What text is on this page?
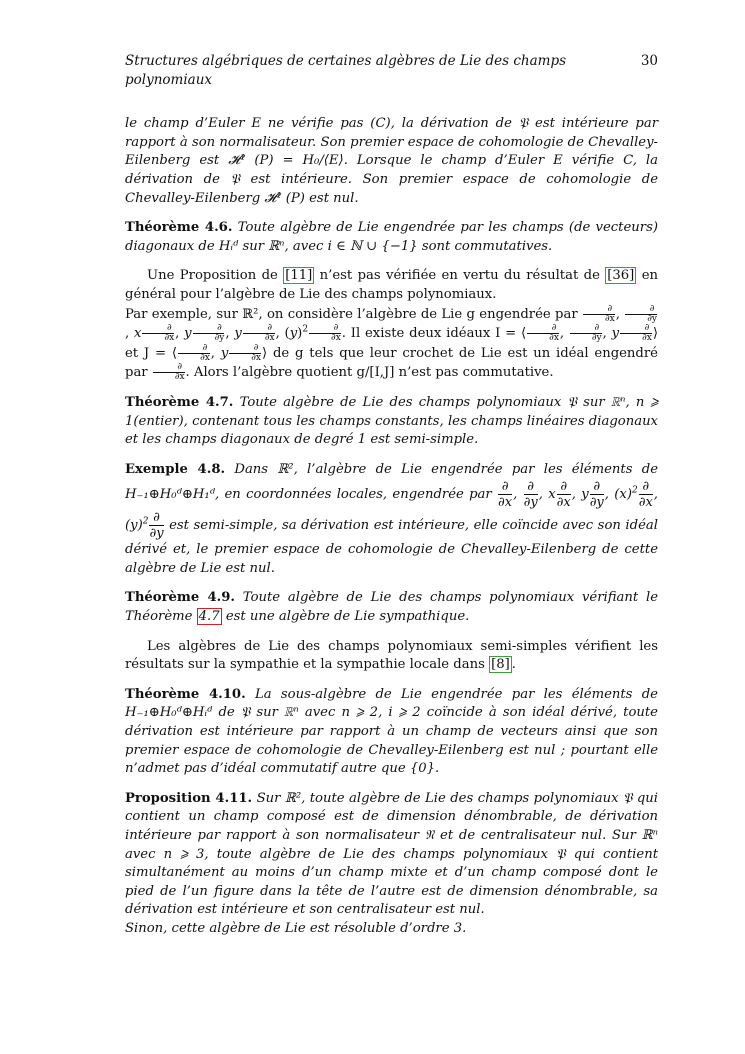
Structures algébriques de certaines algèbres de Lie des champs polynomiaux
30

le champ d’Euler E ne vérifie pas (C), la dérivation de 𝔓 est intérieure par rapport à son normalisateur. Son premier espace de cohomologie de Chevalley-Eilenberg est 𝓗¹ (P) = H₀/⟨E⟩. Lorsque le champ d’Euler E vérifie C, la dérivation de 𝔓 est intérieure. Son premier espace de cohomologie de Chevalley-Eilenberg 𝓗¹ (P) est nul.

Théorème 4.6. Toute algèbre de Lie engendrée par les champs (de vecteurs) diagonaux de Hᵢᵈ sur ℝⁿ, avec i ∈ ℕ ∪ {−1} sont commutatives.

Une Proposition de [11] n’est pas vérifiée en vertu du résultat de [36] en général pour l’algèbre de Lie des champs polynomiaux.
Par exemple, sur ℝ², on considère l’algèbre de Lie g engendrée par $\frac{\partial}{\partial x}$ , $\frac{\partial}{\partial y}$
, x $\frac{\partial}{\partial x}$ , y $\frac{\partial}{\partial y}$ , y $\frac{\partial}{\partial x}$ , $(y)^2 \frac{\partial}{\partial x}$ . Il existe deux idéaux I = ⟨ $\frac{\partial}{\partial x}$ , $\frac{\partial}{\partial y}$ , y $\frac{\partial}{\partial x}$ ⟩ et J = ⟨ $\frac{\partial}{\partial x}$ , y $\frac{\partial}{\partial x}$ ⟩ de g tels que leur crochet de Lie est un idéal engendré par $\frac{\partial}{\partial x}$ . Alors l’algèbre quotient g/[I,J] n’est pas commutative.

Théorème 4.7. Toute algèbre de Lie des champs polynomiaux 𝔓 sur ℝⁿ, n ⩾ 1(entier), contenant tous les champs constants, les champs linéaires diagonaux et les champs diagonaux de degré 1 est semi-simple.

Exemple 4.8. Dans ℝ², l’algèbre de Lie engendrée par les éléments de H₋₁⊕H₀ᵈ⊕H₁ᵈ, en coordonnées locales, engendrée par
∂
∂x
,
∂
∂y
, x
∂
∂x
, y
∂
∂y
, $(x)^2$ ∂
∂x
, $(y)^2$ ∂
∂y
est semi-simple, sa dérivation est intérieure, elle coïncide avec son idéal dérivé et, le premier espace de cohomologie de Chevalley-Eilenberg de cette algèbre de Lie est nul.

Théorème 4.9. Toute algèbre de Lie des champs polynomiaux vérifiant le Théorème 4.7 est une algèbre de Lie sympathique.

Les algèbres de Lie des champs polynomiaux semi-simples vérifient les résultats sur la sympathie et la sympathie locale dans [8] .

Théorème 4.10. La sous-algèbre de Lie engendrée par les éléments de H₋₁⊕H₀ᵈ⊕Hᵢᵈ de 𝔓 sur ℝⁿ avec n ⩾ 2, i ⩾ 2 coïncide à son idéal dérivé, toute dérivation est intérieure par rapport à un champ de vecteurs ainsi que son premier espace de cohomologie de Chevalley-Eilenberg est nul ; pourtant elle n’admet pas d’idéal commutatif autre que {0}.

Proposition 4.11. Sur ℝ², toute algèbre de Lie des champs polynomiaux 𝔓 qui contient un champ composé est de dimension dénombrable, de dérivation intérieure par rapport à son normalisateur 𝔑 et de centralisateur nul. Sur ℝⁿ avec n ⩾ 3, toute algèbre de Lie des champs polynomiaux 𝔓 qui contient simultanément au moins d’un champ mixte et d’un champ composé dont le pied de l’un figure dans la tête de l’autre est de dimension dénombrable, sa dérivation est intérieure et son centralisateur est nul.
Sinon, cette algèbre de Lie est résoluble d’ordre 3.
